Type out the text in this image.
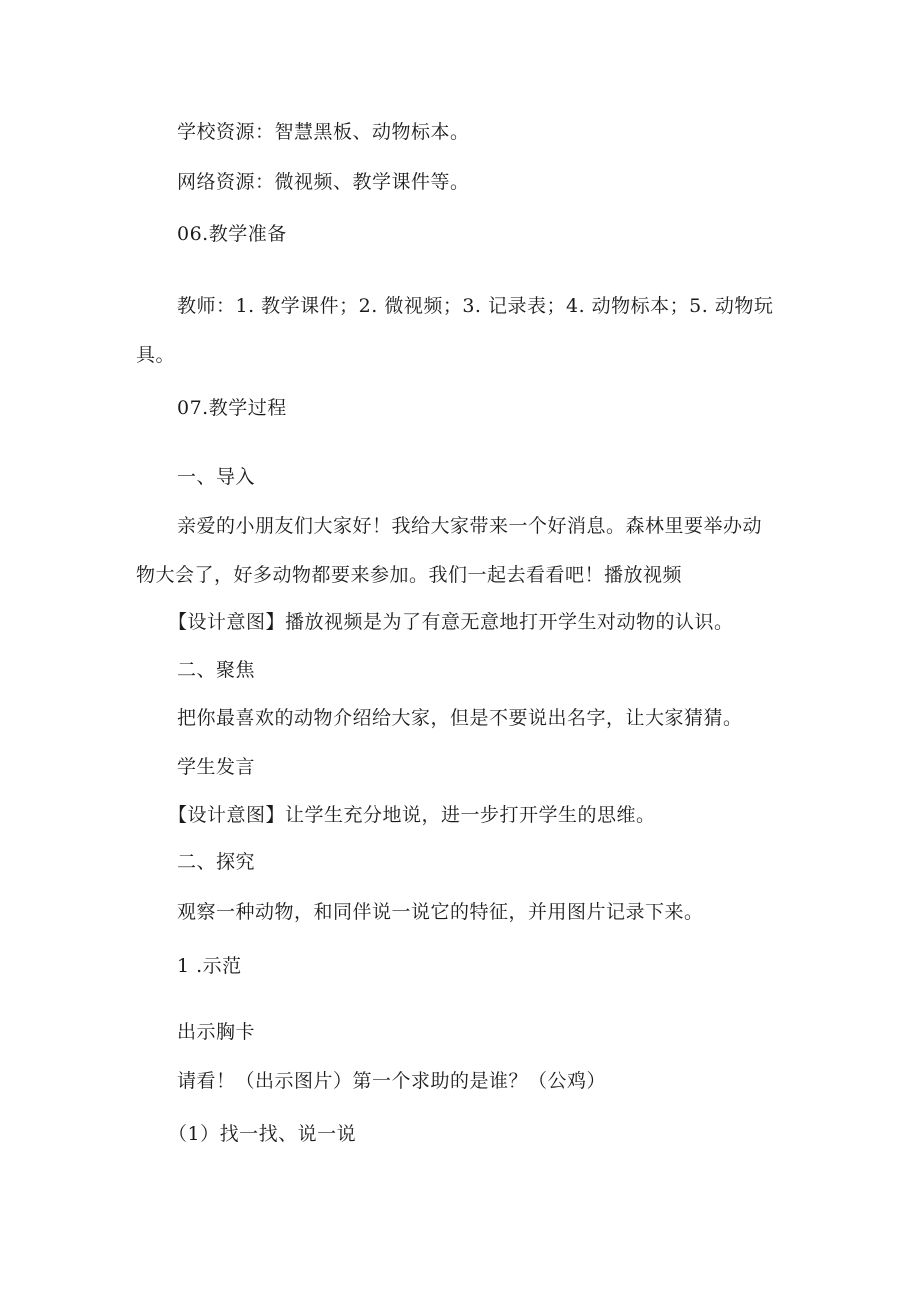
学校资源：智慧黑板、动物标本。

网络资源：微视频、教学课件等。

06.教学准备

教师：1. 教学课件；2. 微视频；3. 记录表；4. 动物标本；5. 动物玩

具。

07.教学过程

一、导入

亲爱的小朋友们大家好！我给大家带来一个好消息。森林里要举办动

物大会了，好多动物都要来参加。我们一起去看看吧！播放视频

【设计意图】播放视频是为了有意无意地打开学生对动物的认识。

二、聚焦

把你最喜欢的动物介绍给大家，但是不要说出名字，让大家猜猜。

学生发言

【设计意图】让学生充分地说，进一步打开学生的思维。

二、探究

观察一种动物，和同伴说一说它的特征，并用图片记录下来。

1 .示范

出示胸卡

请看！（出示图片）第一个求助的是谁？（公鸡）

（1）找一找、说一说
